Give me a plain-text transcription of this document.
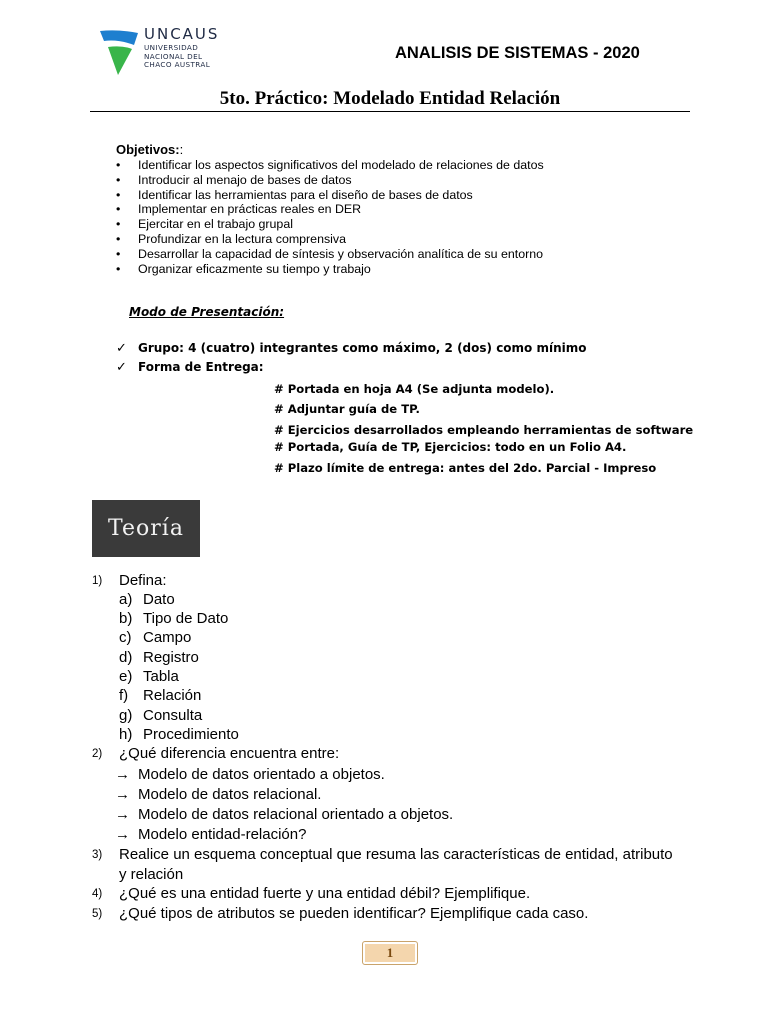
UNCAUS
UNIVERSIDAD
NACIONAL DEL
CHACO AUSTRAL
ANALISIS DE SISTEMAS - 2020
5to. Práctico: Modelado Entidad Relación
Objetivos::
• Identificar los aspectos significativos del modelado de relaciones de datos
• Introducir al menajo de bases de datos
• Identificar las herramientas para el diseño de bases de datos
• Implementar en prácticas reales en DER
• Ejercitar en el trabajo grupal
• Profundizar en la lectura comprensiva
• Desarrollar la capacidad de síntesis y observación analítica de su entorno
• Organizar eficazmente su tiempo y trabajo
Modo de Presentación:
✓ Grupo: 4 (cuatro) integrantes como máximo, 2 (dos) como mínimo
✓ Forma de Entrega:
# Portada en hoja A4 (Se adjunta modelo).
# Adjuntar guía de TP.
# Ejercicios desarrollados empleando herramientas de software
# Portada, Guía de TP, Ejercicios: todo en un Folio A4.
# Plazo límite de entrega: antes del 2do. Parcial - Impreso
Teoría
1) Defina:
a) Dato
b) Tipo de Dato
c) Campo
d) Registro
e) Tabla
f) Relación
g) Consulta
h) Procedimiento
2) ¿Qué diferencia encuentra entre:
→ Modelo de datos orientado a objetos.
→ Modelo de datos relacional.
→ Modelo de datos relacional orientado a objetos.
→ Modelo entidad-relación?
3) Realice un esquema conceptual que resuma las características de entidad, atributo
y relación
4) ¿Qué es una entidad fuerte y una entidad débil? Ejemplifique.
5) ¿Qué tipos de atributos se pueden identificar? Ejemplifique cada caso.
1
